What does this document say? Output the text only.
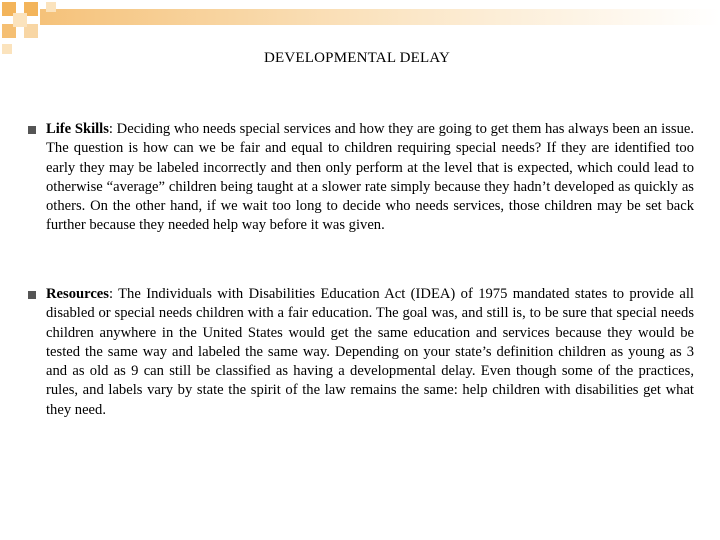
DEVELOPMENTAL DELAY
Life Skills: Deciding who needs special services and how they are going to get them has always been an issue. The question is how can we be fair and equal to children requiring special needs? If they are identified too early they may be labeled incorrectly and then only perform at the level that is expected, which could lead to otherwise “average” children being taught at a slower rate simply because they hadn’t developed as quickly as others. On the other hand, if we wait too long to decide who needs services, those children may be set back further because they needed help way before it was given.
Resources: The Individuals with Disabilities Education Act (IDEA) of 1975 mandated states to provide all disabled or special needs children with a fair education. The goal was, and still is, to be sure that special needs children anywhere in the United States would get the same education and services because they would be tested the same way and labeled the same way. Depending on your state’s definition children as young as 3 and as old as 9 can still be classified as having a developmental delay. Even though some of the practices, rules, and labels vary by state the spirit of the law remains the same: help children with disabilities get what they need.
